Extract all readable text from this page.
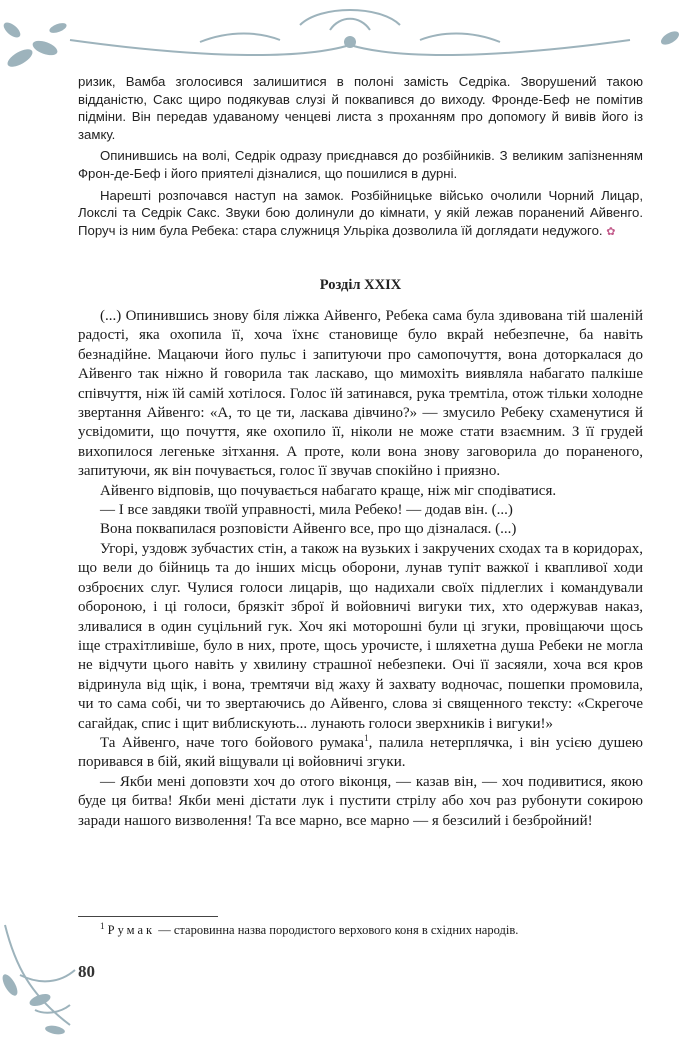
ризик, Вамба зголосився залишитися в полоні замість Седріка. Зворушений такою відданістю, Сакс щиро подякував слузі й поквапився до виходу. Фронде-Беф не помітив підміни. Він передав удаваному ченцеві листа з проханням про допомогу й вивів його із замку.

Опинившись на волі, Седрік одразу приєднався до розбійників. З великим запізненням Фрон-де-Беф і його приятелі дізналися, що пошилися в дурні.

Нарешті розпочався наступ на замок. Розбійницьке військо очолили Чорний Лицар, Локслі та Седрік Сакс. Звуки бою долинули до кімнати, у якій лежав поранений Айвенго. Поруч із ним була Ребека: стара служниця Ульріка дозволила їй доглядати недужого. ✿

Розділ XXIX

(...) Опинившись знову біля ліжка Айвенго, Ребека сама була здивована тій шаленій радості, яка охопила її, хоча їхнє становище було вкрай небезпечне, ба навіть безнадійне. Мацаючи його пульс і запитуючи про самопочуття, вона доторкалася до Айвенго так ніжно й говорила так ласкаво, що мимохіть виявляла набагато палкіше співчуття, ніж їй самій хотілося. Голос їй затинався, рука тремтіла, отож тільки холодне звертання Айвенго: «А, то це ти, ласкава дівчино?» — змусило Ребеку схаменутися й усвідомити, що почуття, яке охопило її, ніколи не може стати взаємним. З її грудей вихопилося легеньке зітхання. А проте, коли вона знову заговорила до пораненого, запитуючи, як він почувається, голос її звучав спокійно і приязно.

Айвенго відповів, що почувається набагато краще, ніж міг сподіватися.

— І все завдяки твоїй управності, мила Ребеко! — додав він. (...)

Вона поквапилася розповісти Айвенго все, про що дізналася. (...)

Угорі, уздовж зубчастих стін, а також на вузьких і закручених сходах та в коридорах, що вели до бійниць та до інших місць оборони, лунав тупіт важкої і квапливої ходи озброєних слуг. Чулися голоси лицарів, що надихали своїх підлеглих і командували обороною, і ці голоси, брязкіт зброї й войовничі вигуки тих, хто одержував наказ, зливалися в один суцільний гук. Хоч які моторошні були ці згуки, провіщаючи щось іще страхітливіше, було в них, проте, щось урочисте, і шляхетна душа Ребеки не могла не відчути цього навіть у хвилину страшної небезпеки. Очі її засяяли, хоча вся кров відринула від щік, і вона, тремтячи від жаху й захвату водночас, пошепки промовила, чи то сама собі, чи то звертаючись до Айвенго, слова зі священного тексту: «Скрегоче сагайдак, спис і щит виблискують... лунають голоси зверхників і вигуки!»

Та Айвенго, наче того бойового румака$^1$, палила нетерплячка, і він усією душею поривався в бій, який віщували ці войовничі згуки.

— Якби мені доповзти хоч до отого віконця, — казав він, — хоч подивитися, якою буде ця битва! Якби мені дістати лук і пустити стрілу або хоч раз рубонути сокирою заради нашого визволення! Та все марно, все марно — я безсилий і безбройний!

$^1$ Румак — старовинна назва породистого верхового коня в східних народів.
80
